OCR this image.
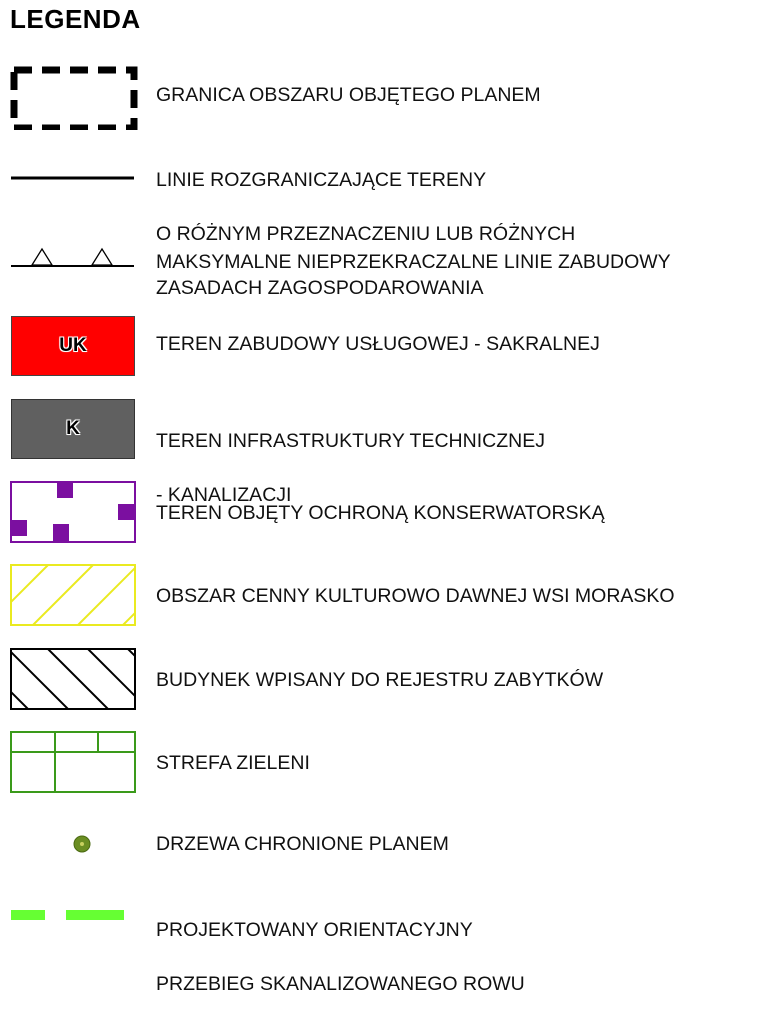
LEGENDA
GRANICA OBSZARU OBJĘTEGO PLANEM

LINIE ROZGRANICZAJĄCE TERENY

O RÓŻNYM PRZEZNACZENIU LUB RÓŻNYCH

ZASADACH ZAGOSPODAROWANIA

MAKSYMALNE NIEPRZEKRACZALNE LINIE ZABUDOWY
UK	TEREN ZABUDOWY USŁUGOWEJ - SAKRALNEJ
K

TEREN INFRASTRUKTURY TECHNICZNEJ

- KANALIZACJI

TEREN OBJĘTY OCHRONĄ KONSERWATORSKĄ
OBSZAR CENNY KULTUROWO DAWNEJ WSI MORASKO
BUDYNEK WPISANY DO REJESTRU ZABYTKÓW
STREFA ZIELENI
DRZEWA CHRONIONE PLANEM

PROJEKTOWANY ORIENTACYJNY

PRZEBIEG SKANALIZOWANEGO ROWU
